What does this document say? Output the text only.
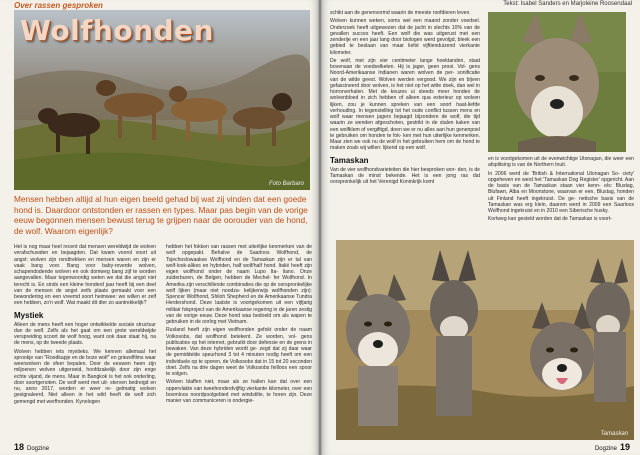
Over rassen gesproken
Wolfhonden
Foto Barbaro
Mensen hebben altijd al hun eigen beeld gehad bij wat zij vinden dat een goede hond is. Daardoor ontstonden er rassen en types. Maar pas begin van de vorige eeuw begonnen mensen bewust terug te grijpen naar de oorouder van de hond, de wolf. Waarom eigenlijk?

Het is nog maar heel recent dat mensen wereldwijd de wolven verafschuwden en bejaagden. Dat kwam voorol voort uit angst: wolven zijn rondtrekken en mensen waren en zijn er vaak bang voor. Bang voor baby-roverde wolven, schapendodende wolven en ook domweg bang zijf te worden aangevallen. Maar tegenwoordig weten we dat die angst niet terecht is. En sinds een kleine honderd jaar heeft bij een deel van de mensen de angst zeifs plaats gemaakt voor een bewondering en een vreemd soort heimwee: we willen er zelf een hebben, zo'n wolf. Wat maakt dit dier zo aantrekkelijk?

Mystiek

Alleen de mens heeft een hoger ontwikkelde sociale structuur dan de wolf. Zelfs als het gaat om een grote wereldwijde verspreiding scoort de wolf hoog, want ook daar staat hij, na de mens, op de tweede plaats.

Wolven hebben iets mystieks. We kennen allemaal het sprookje van "Roodkapje en de boze wolf" en griezelfilms waar weerwolven de sfeer bepalen. Door de eeuwen heen zijn miljoenen wolven uitgeroeid, hoofdzakelijk door zijn enge echte vijand, de mens. Maar in Bangkok is het ook onderling, door soortgenoten. De wolf werd met uit- sterven bedreigd en nu, anno 2017, worden er weer re- gelmatig wolven gesignaleerd. Niet alleen in het wild heeft de wolf zich gemengd met werfhonden. Kynologen

hebben het fokken van rassen met uiterlijke kenmerken van de wolf opgepakt. Behalve de Saarloos Wolfhond, de Tsjechoslowaakse Wolfhond en de Tamaskan zijn er tal van wolf-look-alikes en hybriden, half wolf/half hond. Italië heeft zijn eigen wolfhond onder de naam Lupo Ita- liano. Onze zuiderburen, de Belgen, hebben de Mechel- fer Wolfhond. In Amerika zijn verschillende combinaties die op de oorspronkelijke wolf lijken (maar niet noodza- kelijkerwijs wolfhonden zijn): Spencer Wolfhond, Shiloh Shepherd en de Amerikaanse Tundra Herdershond. Deze laatste is voortgekomen uit een vijfjarig militair fokproject van de Amerikaanse regering in de jaren zestig van de vorige eeuw. Deze hond was bedoeld om als wapen te gebruiken in de oorlog met Vietnam.

Rusland heeft zijn eigen wolfhonden gefokt onder de naam Volkosobs, dat wolfhond betekent. Ze worden, vol- gens publicaties op het internet, gebruikt door defensie en de grens in bewaken. Van deze hybriden wordt ge- zegd dat zij daar waar de gemiddelde speurhond 3 tot 4 minuten nodig heeft om een individuele op te sporen, de Volkosobs dat in 15 tot 20 seconden doet. Zelfs na drie dagen weet de Volkosobs feilloos een spoor te volgen.

Wolven blaffen niet, maar als ze hallen kan dat over een oppervlakte van tweehonderdvijftig vierkante kilometer, over een boomloos noordpoolgebied met windstilte, te horen zijn. Deze manier van communiceren is ondergie-

18 Dogzine
Tekst: Isabel Sanders en Marjoleine Roosendaal

schikt aan de genenvormd waarin de meeste roofdieren leven.

Wolven kunnen weken, soms wel een maand zonder voedsel. Onderzoek heeft uitgewezen dat de jacht in slechts 10% van de gevallen succes heeft. Een wolf die was uitgerust met een zenderije en een jaar lang door biologen werd gevolgd, bleek een gebied te beslaan van maar liefst vijftienduizend vierkante kilometer.

De wolf, met zijn vier centimeter lange hoektanden, staat bovenaan de voedselketen. Hij is jager, geen prooi. Vol- gens Noord-Amerikaanse Indianen waren wolven de per- sonificatie van de wilde geest. Wolven werden vergood. We zijn en bljven gefascineerd door wolven, is het niet op het witte doek, dan wel in horrorverhalen. Met de keuzes ui steeds meer honden de wolvenbloed in zich hebben of alleen qua exterieur op wolven lijken, zou je kunnen spreken van een soort haat-liefde verhouding. In tegenstelling tot het oude conflict tussen mens en wolf waar mensen jagers bejaagd bijzondere de wolf, die tijd waarin ze wenden afgeschoten, gestrikt in de stalen kaken van een wolfklem of vergiftigd, doen we er nu alles aan hun genenpoel te gebruiken om honden te fok- ken met hun uiterlijke kenmerken. Maar zien we ook nu de wolf in het gebruiken hem om de hond te maken zoals wij willen: lijkend op een wolf.

Tamaskan

Van de vier wolfhondvarieteiten die hier besproken wor- den, is de Tamaskan de minst bekende. Het is een jong ras dat oorspronkelijk uit het Verenigd Koninkrijk komt

en is voortgekomen uit de evenwichtige Utonagan, die weer een afsplitsing is van de Northern Inuit.

In 2006 werd de 'British & International Utonagan So- ciety' opgeheven en werd het 'Tamaskan Dog Register' opgericht. Aan de basis van de Tamaskan staan vier kenn- els: Blustag, Blufawn, Alba en Moonstone, waarvan er een, Blustag, honden uit Finland heeft ingekruist. De ge- netische basis van de Tamaskan was erg klein, daarom werd in 2009 een Saarloos Wolfhond ingekruist en in 2010 een Siberische husky.

Kortweg kan gesteld worden dat de Tamaskan is voort-

Tamaskan
Dogzine 19
